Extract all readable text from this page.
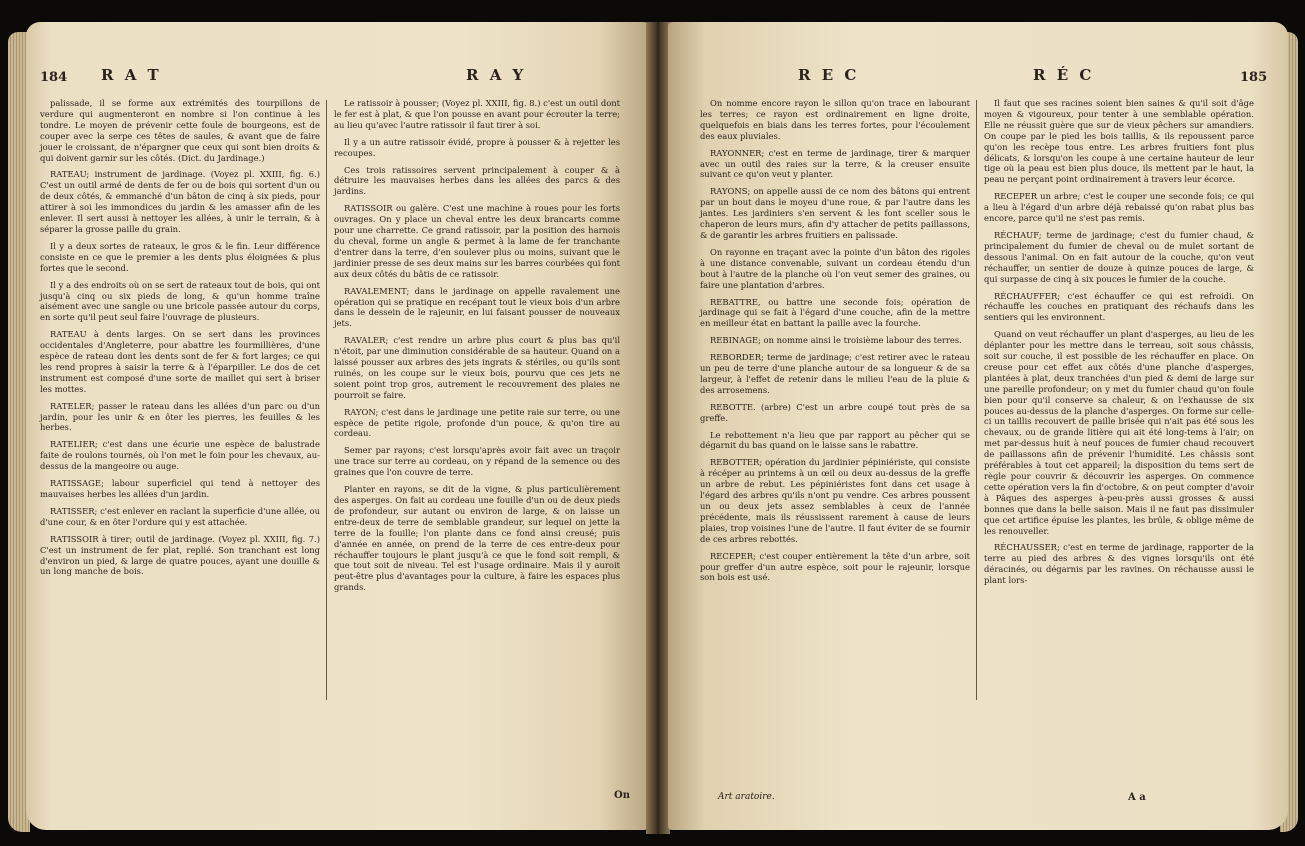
184 R A T	R A Y

palissade, il se forme aux extrémités des tourpillons de verdure qui augmenteront en nombre si l'on continue à les tondre. Le moyen de prévenir cette foule de bourgeons, est de couper avec la serpe ces têtes de saules, & avant que de faire jouer le croissant, de n'épargner que ceux qui sont bien droits & qui doivent garnir sur les côtés. (Dict. du Jardinage.)

RATEAU; instrument de jardinage. (Voyez pl. XXIII, fig. 6.) C'est un outil armé de dents de fer ou de bois qui sortent d'un ou de deux côtés, & emmanché d'un bâton de cinq à six pieds, pour attirer à soi les immondices du jardin & les amasser afin de les enlever. Il sert aussi à nettoyer les allées, à unir le terrain, & à séparer la grosse paille du grain.

Il y a deux sortes de rateaux, le gros & le fin. Leur différence consiste en ce que le premier a les dents plus éloignées & plus fortes que le second.

Il y a des endroits où on se sert de rateaux tout de bois, qui ont jusqu'à cinq ou six pieds de long, & qu'un homme traîne aisément avec une sangle ou une bricole passée autour du corps, en sorte qu'il peut seul faire l'ouvrage de plusieurs.

RATEAU à dents larges. On se sert dans les provinces occidentales d'Angleterre, pour abattre les fourmillières, d'une espèce de rateau dont les dents sont de fer & fort larges; ce qui les rend propres à saisir la terre & à l'éparpiller. Le dos de cet instrument est composé d'une sorte de maillet qui sert à briser les mottes.

RATELER; passer le rateau dans les allées d'un parc ou d'un jardin, pour les unir & en ôter les pierres, les feuilles & les herbes.

RATELIER; c'est dans une écurie une espèce de balustrade faite de roulons tournés, où l'on met le foin pour les chevaux, au-dessus de la mangeoire ou auge.

RATISSAGE; labour superficiel qui tend à nettoyer des mauvaises herbes les allées d'un jardin.

RATISSER; c'est enlever en raclant la superficie d'une allée, ou d'une cour, & en ôter l'ordure qui y est attachée.

RATISSOIR à tirer; outil de jardinage. (Voyez pl. XXIII, fig. 7.) C'est un instrument de fer plat, replié. Son tranchant est long d'environ un pied, & large de quatre pouces, ayant une douille & un long manche de bois.

Le ratissoir à pousser; (Voyez pl. XXIII, fig. 8.) c'est un outil dont le fer est à plat, & que l'on pousse en avant pour écrouter la terre; au lieu qu'avec l'autre ratissoir il faut tirer à soi.

Il y a un autre ratissoir évidé, propre à pousser & à rejetter les recoupes.

Ces trois ratissoires servent principalement à couper & à détruire les mauvaises herbes dans les allées des parcs & des jardins.

RATISSOIR ou galère. C'est une machine à roues pour les forts ouvrages. On y place un cheval entre les deux brancarts comme pour une charrette. Ce grand ratissoir, par la position des harnois du cheval, forme un angle & permet à la lame de fer tranchante d'entrer dans la terre, d'en soulever plus ou moins, suivant que le jardinier presse de ses deux mains sur les barres courbées qui font aux deux côtés du bâtis de ce ratissoir.

RAVALEMENT; dans le jardinage on appelle ravalement une opération qui se pratique en recépant tout le vieux bois d'un arbre dans le dessein de le rajeunir, en lui faisant pousser de nouveaux jets.

RAVALER; c'est rendre un arbre plus court & plus bas qu'il n'étoit, par une diminution considérable de sa hauteur. Quand on a laissé pousser aux arbres des jets ingrats & stériles, ou qu'ils sont ruinés, on les coupe sur le vieux bois, pourvu que ces jets ne soient point trop gros, autrement le recouvrement des plaies ne pourroit se faire.

RAYON; c'est dans le jardinage une petite raie sur terre, ou une espèce de petite rigole, profonde d'un pouce, & qu'on tire au cordeau.

Semer par rayons; c'est lorsqu'après avoir fait avec un traçoir une trace sur terre au cordeau, on y répand de la semence ou des graines que l'on couvre de terre.

Planter en rayons, se dit de la vigne, & plus particulièrement des asperges. On fait au cordeau une fouille d'un ou de deux pieds de profondeur, sur autant ou environ de large, & on laisse un entre-deux de terre de semblable grandeur, sur lequel on jette la terre de la fouille; l'on plante dans ce fond ainsi creusé; puis d'année en année, on prend de la terre de ces entre-deux pour réchauffer toujours le plant jusqu'à ce que le fond soit rempli, & que tout soit de niveau. Tel est l'usage ordinaire. Mais il y auroit peut-être plus d'avantages pour la culture, à faire les espaces plus grands.

On
R E C	R É C	185

On nomme encore rayon le sillon qu'on trace en labourant les terres; ce rayon est ordinairement en ligne droite, quelquefois en biais dans les terres fortes, pour l'écoulement des eaux pluviales.

RAYONNER; c'est en terme de jardinage, tirer & marquer avec un outil des raies sur la terre, & la creuser ensuite suivant ce qu'on veut y planter.

RAYONS; on appelle aussi de ce nom des bâtons qui entrent par un bout dans le moyeu d'une roue, & par l'autre dans les jantes. Les jardiniers s'en servent & les font sceller sous le chaperon de leurs murs, afin d'y attacher de petits paillassons, & de garantir les arbres fruitiers en palissade.

On rayonne en traçant avec la pointe d'un bâton des rigoles à une distance convenable, suivant un cordeau étendu d'un bout à l'autre de la planche où l'on veut semer des graines, ou faire une plantation d'arbres.

REBATTRE, ou battre une seconde fois; opération de jardinage qui se fait à l'égard d'une couche, afin de la mettre en meilleur état en battant la paille avec la fourche.

REBINAGE; on nomme ainsi le troisième labour des terres.

REBORDER; terme de jardinage; c'est retirer avec le rateau un peu de terre d'une planche autour de sa longueur & de sa largeur, à l'effet de retenir dans le milieu l'eau de la pluie & des arrosemens.

REBOTTE. (arbre) C'est un arbre coupé tout près de sa greffe.

Le rebottement n'a lieu que par rapport au pêcher qui se dégarnit du bas quand on le laisse sans le rabattre.

REBOTTER; opération du jardinier pépiniériste, qui consiste à récéper au printems à un œil ou deux au-dessus de la greffe un arbre de rebut. Les pépiniéristes font dans cet usage à l'égard des arbres qu'ils n'ont pu vendre. Ces arbres poussent un ou deux jets assez semblables à ceux de l'année précédente, mais ils réussissent rarement à cause de leurs plaies, trop voisines l'une de l'autre. Il faut éviter de se fournir de ces arbres rebottés.

RECEPER; c'est couper entièrement la tête d'un arbre, soit pour greffer d'un autre espèce, soit pour le rajeunir, lorsque son bois est usé.

Il faut que ses racines soient bien saines & qu'il soit d'âge moyen & vigoureux, pour tenter à une semblable opération. Elle ne réussit guère que sur de vieux pêchers sur amandiers. On coupe par le pied les bois taillis, & ils repoussent parce qu'on les recèpe tous entre. Les arbres fruitiers font plus délicats, & lorsqu'on les coupe à une certaine hauteur de leur tige où la peau est bien plus douce, ils mettent par le haut, la peau ne perçant point ordinairement à travers leur écorce.

RECEPER un arbre; c'est le couper une seconde fois; ce qui a lieu à l'égard d'un arbre déjà rebaissé qu'on rabat plus bas encore, parce qu'il ne s'est pas remis.

RÉCHAUF; terme de jardinage; c'est du fumier chaud, & principalement du fumier de cheval ou de mulet sortant de dessous l'animal. On en fait autour de la couche, qu'on veut réchauffer, un sentier de douze à quinze pouces de large, & qui surpasse de cinq à six pouces le fumier de la couche.

RÉCHAUFFER; c'est échauffer ce qui est refroidi. On réchauffe les couches en pratiquant des réchaufs dans les sentiers qui les environnent.

Quand on veut réchauffer un plant d'asperges, au lieu de les déplanter pour les mettre dans le terreau, soit sous châssis, soit sur couche, il est possible de les réchauffer en place. On creuse pour cet effet aux côtés d'une planche d'asperges, plantées à plat, deux tranchées d'un pied & demi de large sur une pareille profondeur; on y met du fumier chaud qu'on foule bien pour qu'il conserve sa chaleur, & on l'exhausse de six pouces au-dessus de la planche d'asperges. On forme sur celle-ci un taillis recouvert de paille brisée qui n'ait pas été sous les chevaux, ou de grande litière qui ait été long-tems à l'air; on met par-dessus huit à neuf pouces de fumier chaud recouvert de paillassons afin de prévenir l'humidité. Les châssis sont préférables à tout cet appareil; la disposition du tems sert de règle pour couvrir & découvrir les asperges. On commence cette opération vers la fin d'octobre, & on peut compter d'avoir à Pâques des asperges à-peu-près aussi grosses & aussi bonnes que dans la belle saison. Mais il ne faut pas dissimuler que cet artifice épuise les plantes, les brûle, & oblige même de les renouveller.

RÉCHAUSSER; c'est en terme de jardinage, rapporter de la terre au pied des arbres & des vignes lorsqu'ils ont été déracinés, ou dégarnis par les ravines. On réchausse aussi le plant lors-

Art aratoire.	A a
